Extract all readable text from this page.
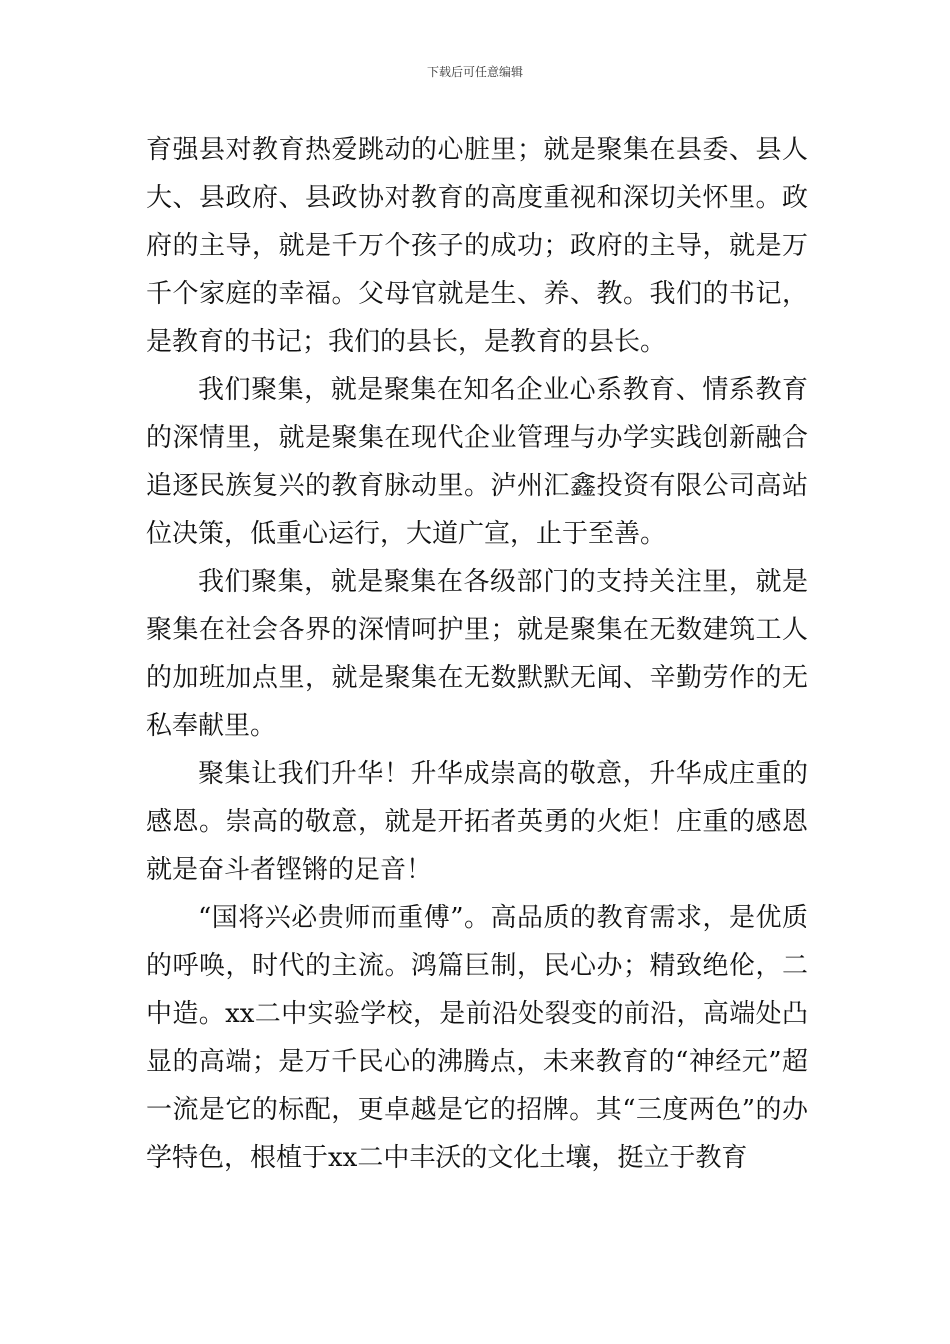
下载后可任意编辑

育强县对教育热爱跳动的心脏里；就是聚集在县委、县人大、县政府、县政协对教育的高度重视和深切关怀里。政府的主导，就是千万个孩子的成功；政府的主导，就是万千个家庭的幸福。父母官就是生、养、教。我们的书记，是教育的书记；我们的县长，是教育的县长。

我们聚集，就是聚集在知名企业心系教育、情系教育的深情里，就是聚集在现代企业管理与办学实践创新融合追逐民族复兴的教育脉动里。泸州汇鑫投资有限公司高站位决策，低重心运行，大道广宣，止于至善。

我们聚集，就是聚集在各级部门的支持关注里，就是聚集在社会各界的深情呵护里；就是聚集在无数建筑工人的加班加点里，就是聚集在无数默默无闻、辛勤劳作的无私奉献里。

聚集让我们升华！升华成崇高的敬意，升华成庄重的感恩。崇高的敬意，就是开拓者英勇的火炬！庄重的感恩就是奋斗者铿锵的足音！

“国将兴必贵师而重傅”。高品质的教育需求，是优质的呼唤，时代的主流。鸿篇巨制，民心办；精致绝伦，二中造。xx二中实验学校，是前沿处裂变的前沿，高端处凸显的高端；是万千民心的沸腾点，未来教育的“神经元”超一流是它的标配，更卓越是它的招牌。其“三度两色”的办学特色，根植于xx二中丰沃的文化土壤，挺立于教育
